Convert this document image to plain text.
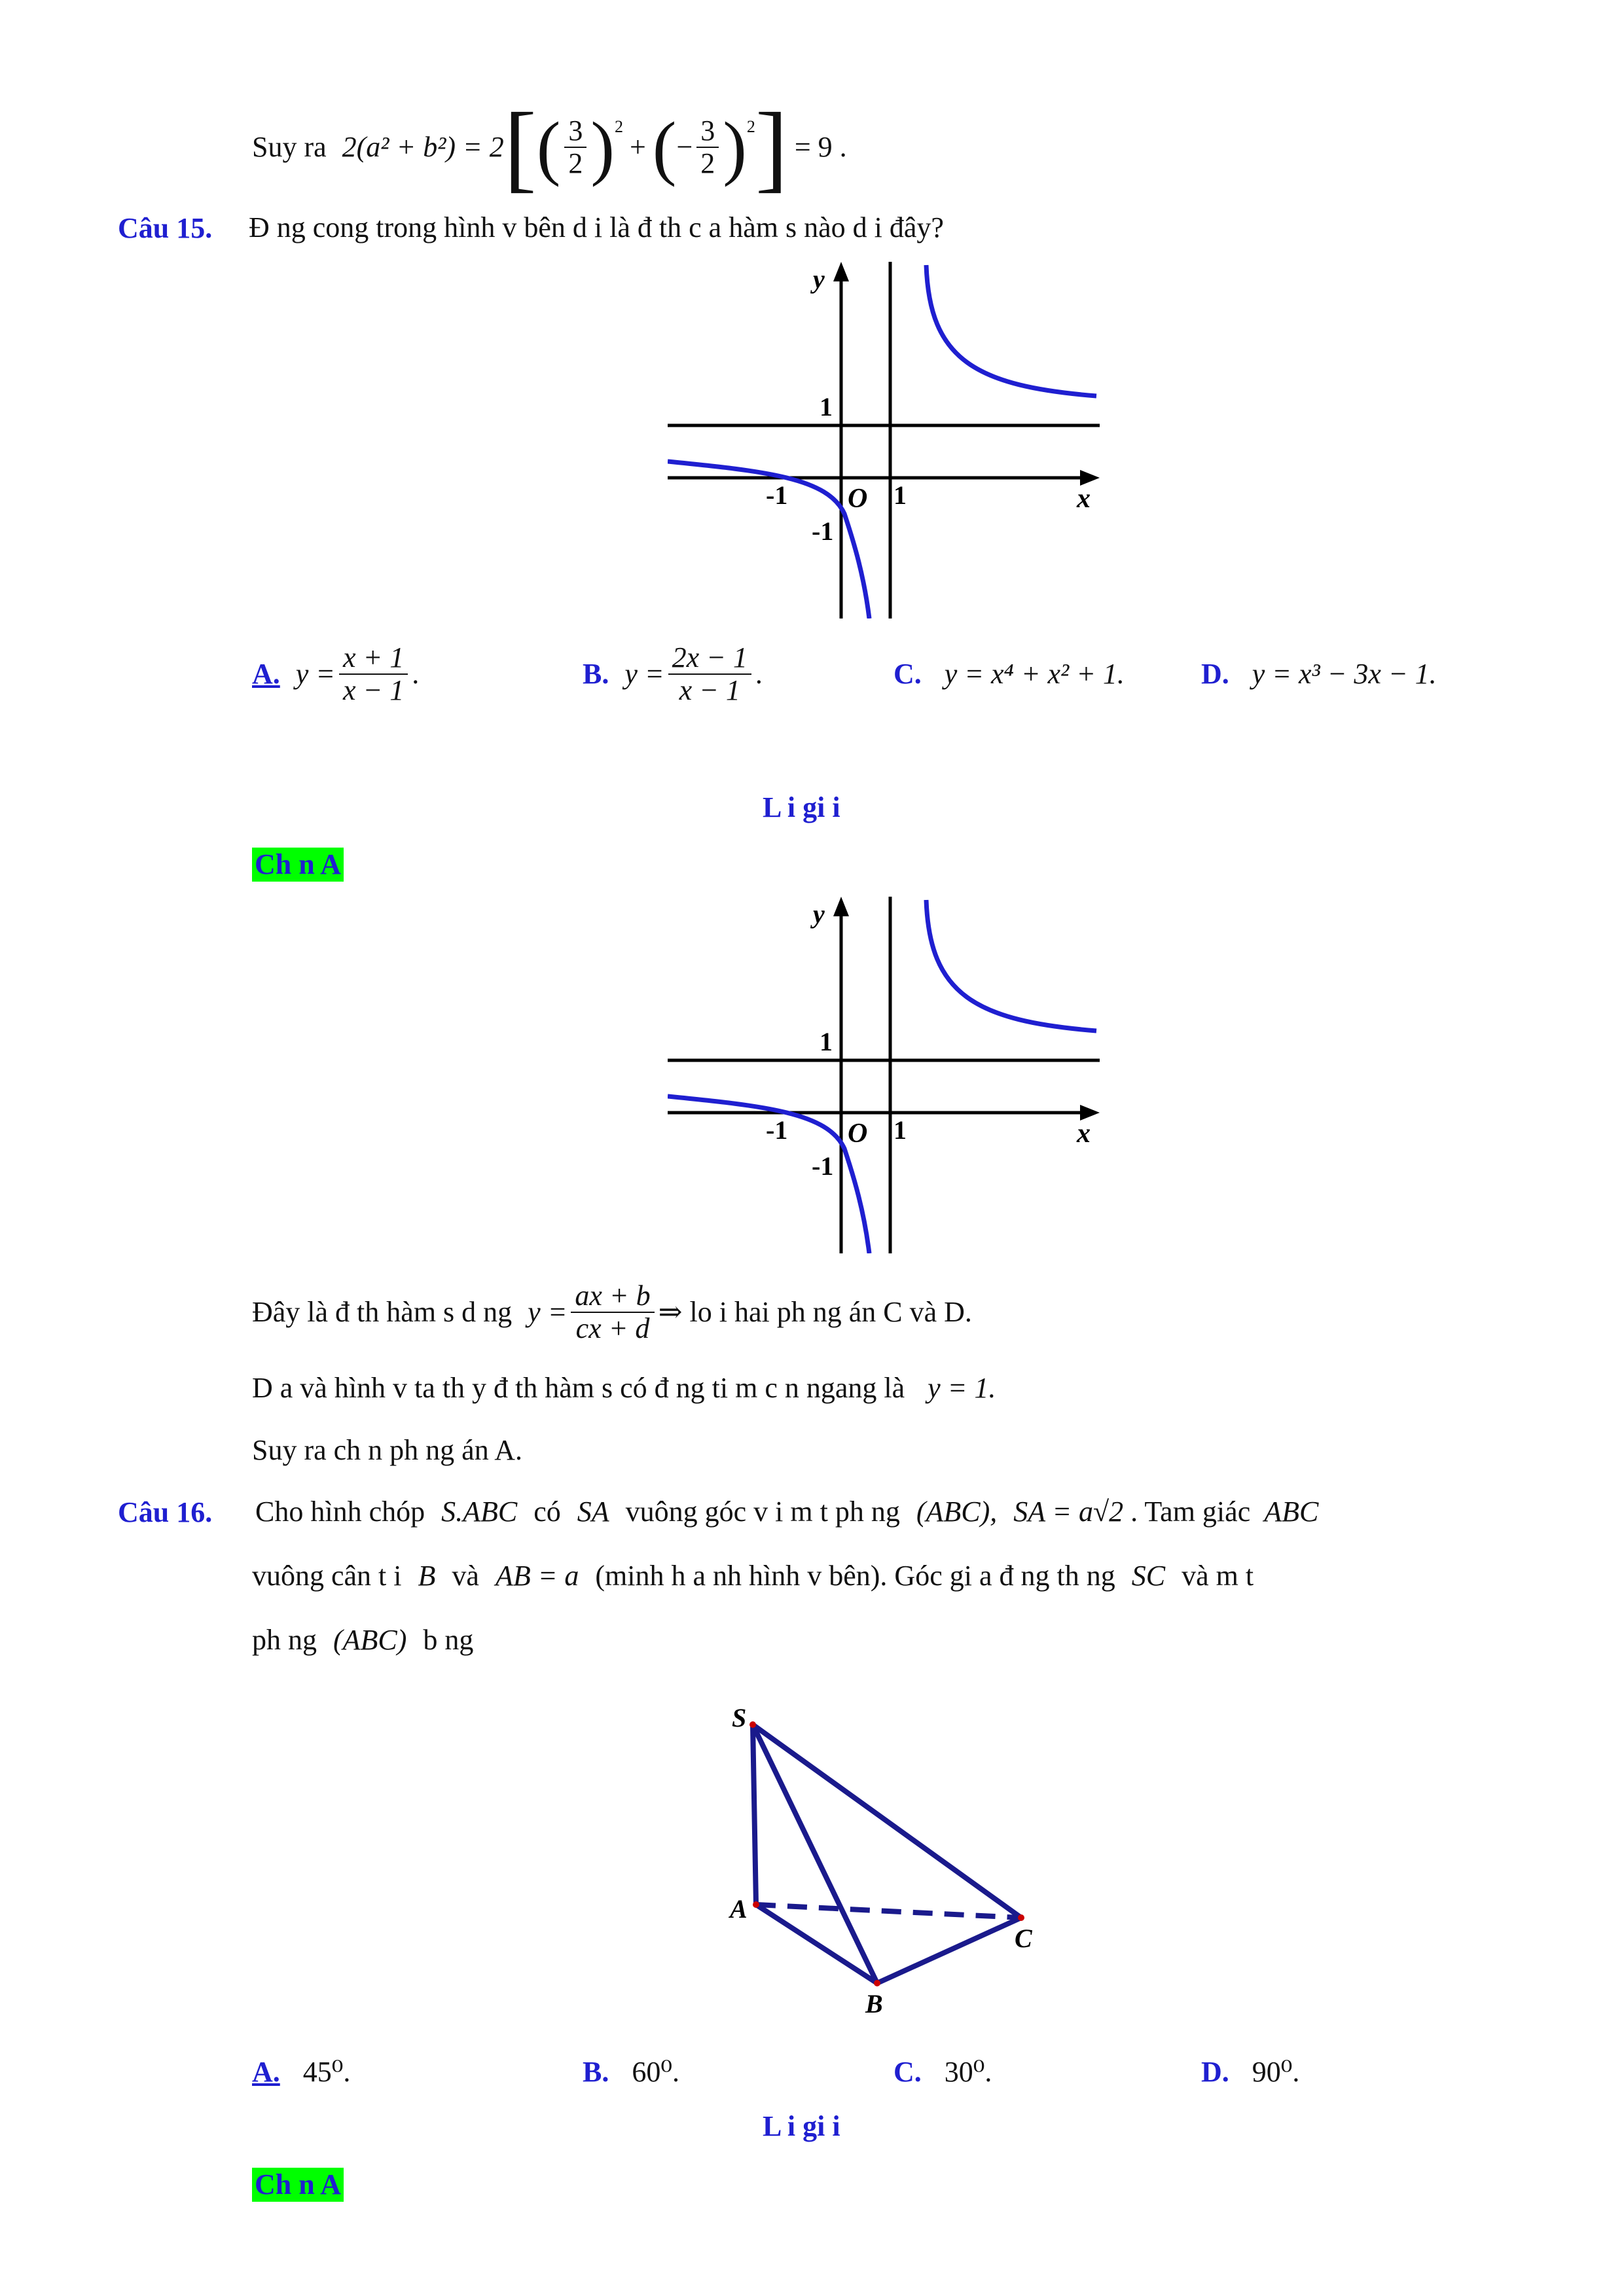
Suy ra 2(a² + b²) = 2 [ ( $\frac{3}{2} )^2$
+ ( − $\frac{3}{2} )^2$ ] = 9 .
Câu 15. Đ ng cong trong hình v bên d i là đ th c a hàm s nào d i đây?
y
x
O
-1	1
1
-1
A. $y = \frac{x + 1}{x - 1}$ .	B. $y = \frac{2x - 1}{x - 1}$ .	C. y = x⁴ + x² + 1.	D. y = x³ − 3x − 1.
L i gi i
Ch n A
y
x
O
-1	1
1
-1
Đây là đ th hàm s d ng $y = \frac{ax + b}{cx + d}$ ⇒ lo i hai ph ng án C và D.
D a và hình v ta th y đ th hàm s có đ ng ti m c n ngang là y = 1.
Suy ra ch n ph ng án A.
Câu 16. Cho hình chóp S.ABC có SA vuông góc v i m t ph ng (ABC), SA = a√2 . Tam giác ABC
vuông cân t i B và AB = a (minh h a nh hình v bên). Góc gi a đ ng th ng SC và m t
ph ng (ABC) b ng
S
A
B
C
A. 45⁰.	B. 60⁰.	C. 30⁰.	D. 90⁰.
L i gi i
Ch n A
